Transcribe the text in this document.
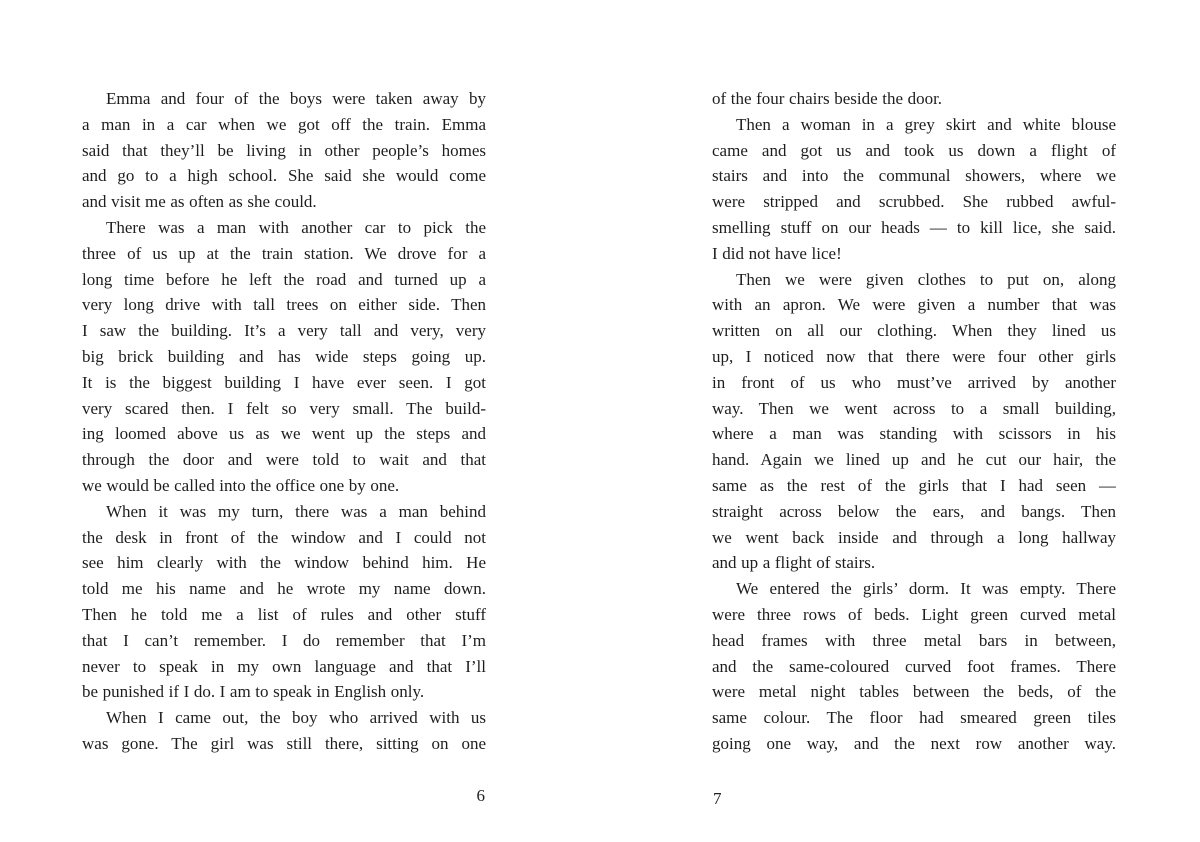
Emma and four of the boys were taken away by
a man in a car when we got off the train. Emma
said that they’ll be living in other people’s homes
and go to a high school. She said she would come
and visit me as often as she could.
There was a man with another car to pick the
three of us up at the train station. We drove for a
long time before he left the road and turned up a
very long drive with tall trees on either side. Then
I saw the building. It’s a very tall and very, very
big brick building and has wide steps going up.
It is the biggest building I have ever seen. I got
very scared then. I felt so very small. The build-
ing loomed above us as we went up the steps and
through the door and were told to wait and that
we would be called into the office one by one.
When it was my turn, there was a man behind
the desk in front of the window and I could not
see him clearly with the window behind him. He
told me his name and he wrote my name down.
Then he told me a list of rules and other stuff
that I can’t remember. I do remember that I’m
never to speak in my own language and that I’ll
be punished if I do. I am to speak in English only.
When I came out, the boy who arrived with us
was gone. The girl was still there, sitting on one
6
of the four chairs beside the door.
Then a woman in a grey skirt and white blouse
came and got us and took us down a flight of
stairs and into the communal showers, where we
were stripped and scrubbed. She rubbed awful-
smelling stuff on our heads — to kill lice, she said.
I did not have lice!
Then we were given clothes to put on, along
with an apron. We were given a number that was
written on all our clothing. When they lined us
up, I noticed now that there were four other girls
in front of us who must’ve arrived by another
way. Then we went across to a small building,
where a man was standing with scissors in his
hand. Again we lined up and he cut our hair, the
same as the rest of the girls that I had seen —
straight across below the ears, and bangs. Then
we went back inside and through a long hallway
and up a flight of stairs.
We entered the girls’ dorm. It was empty. There
were three rows of beds. Light green curved metal
head frames with three metal bars in between,
and the same-coloured curved foot frames. There
were metal night tables between the beds, of the
same colour. The floor had smeared green tiles
going one way, and the next row another way.
7
